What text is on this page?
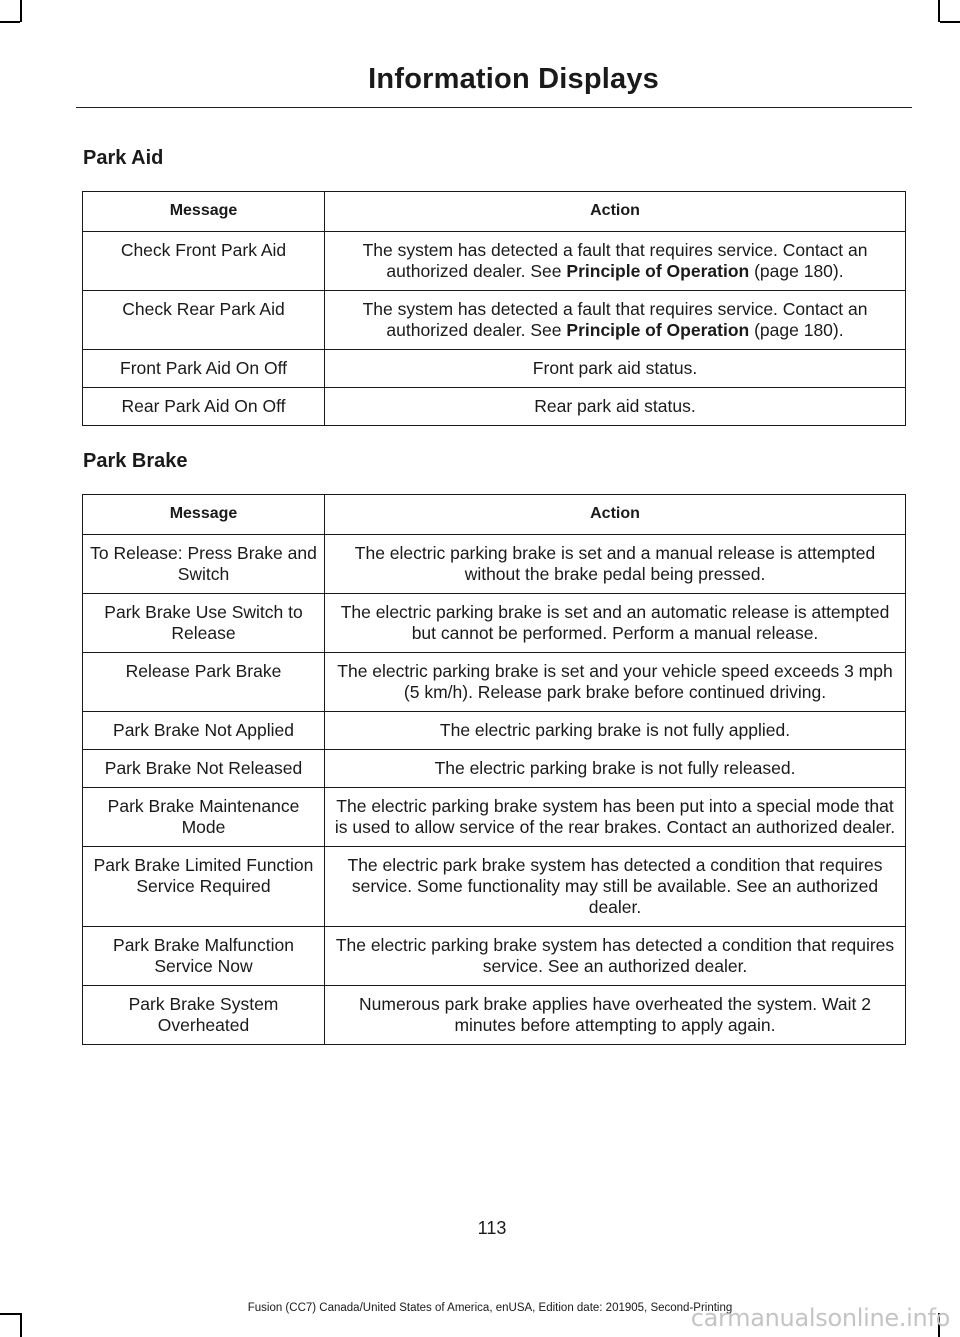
Information Displays
Park Aid
Message	Action
Check Front Park Aid	The system has detected a fault that requires service. Contact an authorized dealer. See Principle of Operation (page 180).
Check Rear Park Aid	The system has detected a fault that requires service. Contact an authorized dealer. See Principle of Operation (page 180).
Front Park Aid On Off	Front park aid status.
Rear Park Aid On Off	Rear park aid status.
Park Brake
Message	Action
To Release: Press Brake and Switch	The electric parking brake is set and a manual release is attempted without the brake pedal being pressed.
Park Brake Use Switch to Release	The electric parking brake is set and an automatic release is attempted but cannot be performed. Perform a manual release.
Release Park Brake	The electric parking brake is set and your vehicle speed exceeds 3 mph (5 km/h). Release park brake before continued driving.
Park Brake Not Applied	The electric parking brake is not fully applied.
Park Brake Not Released	The electric parking brake is not fully released.
Park Brake Maintenance Mode	The electric parking brake system has been put into a special mode that is used to allow service of the rear brakes. Contact an authorized dealer.
Park Brake Limited Function Service Required	The electric park brake system has detected a condition that requires service. Some functionality may still be available. See an authorized dealer.
Park Brake Malfunction Service Now	The electric parking brake system has detected a condition that requires service. See an authorized dealer.
Park Brake System Overheated	Numerous park brake applies have overheated the system. Wait 2 minutes before attempting to apply again.
113
Fusion (CC7) Canada/United States of America, enUSA, Edition date: 201905, Second-Printing
carmanualsonline.info
